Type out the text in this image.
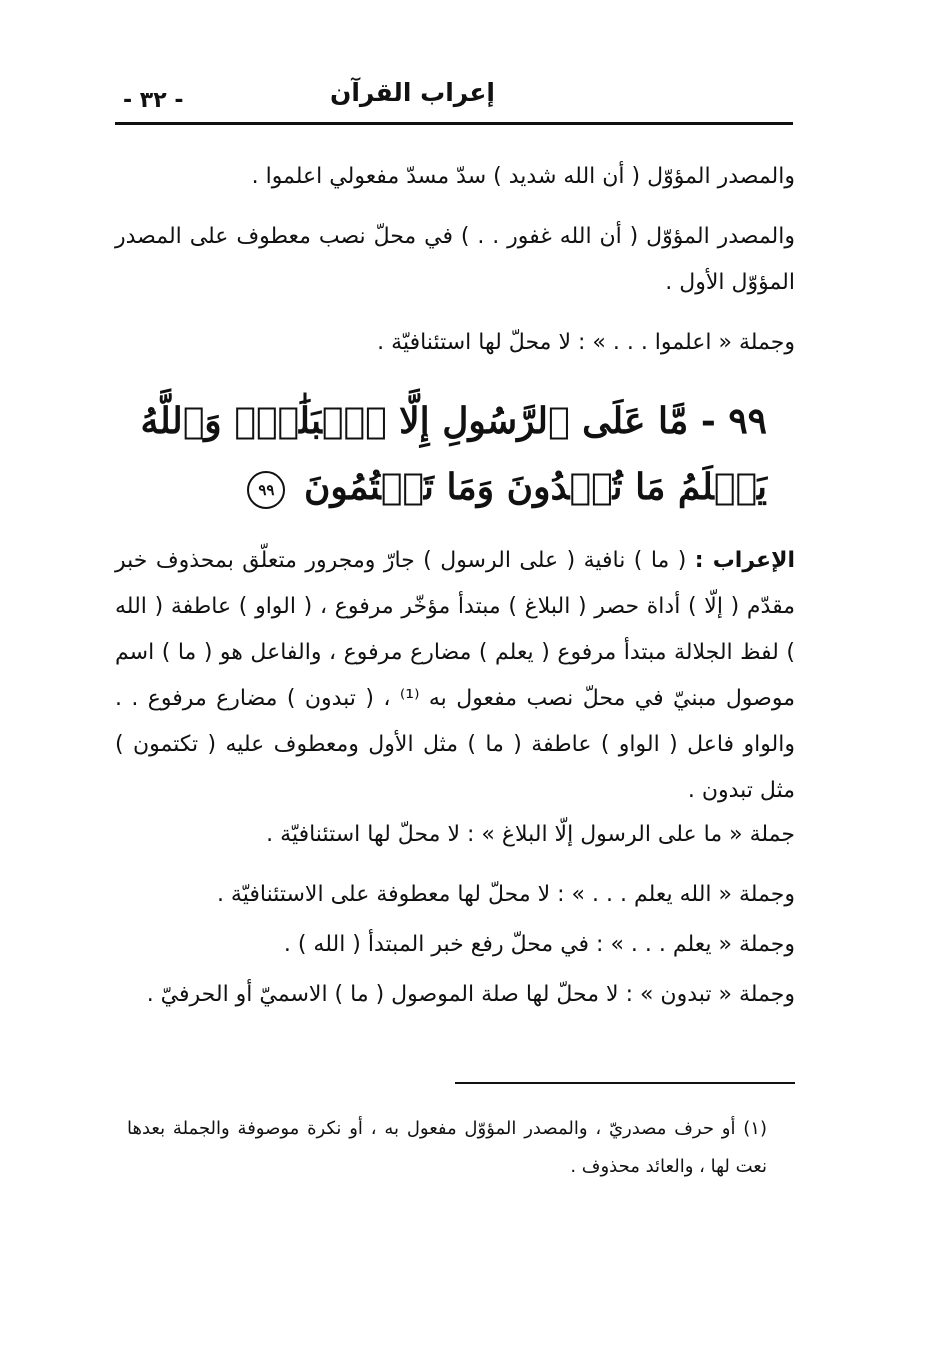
إعراب القرآن
- ٣٢ -
والمصدر المؤوّل ( أن الله شديد ) سدّ مسدّ مفعولي اعلموا .
والمصدر المؤوّل ( أن الله غفور . . ) في محلّ نصب معطوف على المصدر المؤوّل الأول .
وجملة « اعلموا . . . » : لا محلّ لها استئنافيّة .
٩٩ - مَّا عَلَى ٱلرَّسُولِ إِلَّا ٱلۡبَلَٰغُۗ وَٱللَّهُ يَعۡلَمُ مَا تُبۡدُونَ وَمَا تَكۡتُمُونَ ٩٩
الإعراب : ( ما ) نافية ( على الرسول ) جارّ ومجرور متعلّق بمحذوف خبر مقدّم ( إلّا ) أداة حصر ( البلاغ ) مبتدأ مؤخّر مرفوع ، ( الواو ) عاطفة ( الله ) لفظ الجلالة مبتدأ مرفوع ( يعلم ) مضارع مرفوع ، والفاعل هو ( ما ) اسم موصول مبنيّ في محلّ نصب مفعول به ⁽¹⁾ ، ( تبدون ) مضارع مرفوع . . والواو فاعل ( الواو ) عاطفة ( ما ) مثل الأول ومعطوف عليه ( تكتمون ) مثل تبدون .
جملة « ما على الرسول إلّا البلاغ » : لا محلّ لها استئنافيّة .
وجملة « الله يعلم . . . » : لا محلّ لها معطوفة على الاستئنافيّة .
وجملة « يعلم . . . » : في محلّ رفع خبر المبتدأ ( الله ) .
وجملة « تبدون » : لا محلّ لها صلة الموصول ( ما ) الاسميّ أو الحرفيّ .
(١) أو حرف مصدريّ ، والمصدر المؤوّل مفعول به ، أو نكرة موصوفة والجملة بعدها نعت لها ، والعائد محذوف .
